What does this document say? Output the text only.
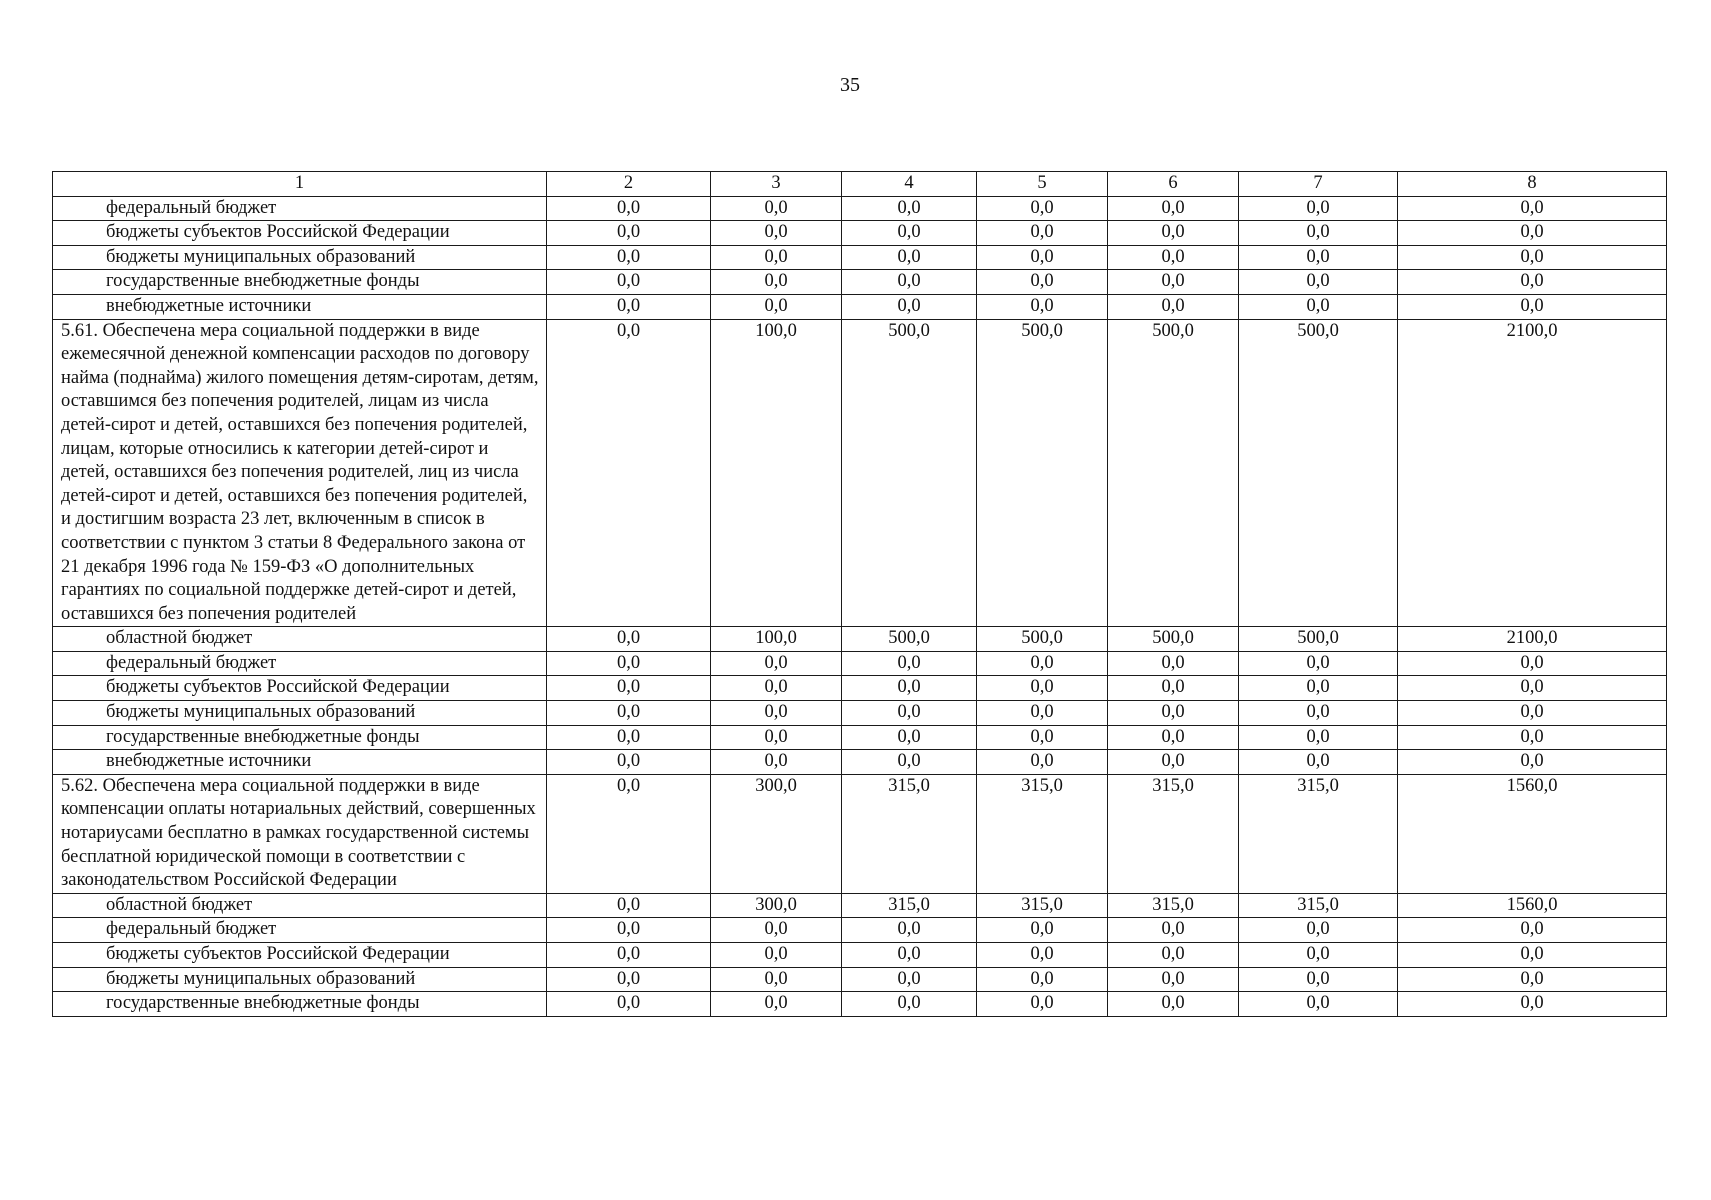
35
1	2	3	4	5	6	7	8
федеральный бюджет	0,0	0,0	0,0	0,0	0,0	0,0	0,0
бюджеты субъектов Российской Федерации	0,0	0,0	0,0	0,0	0,0	0,0	0,0
бюджеты муниципальных образований	0,0	0,0	0,0	0,0	0,0	0,0	0,0
государственные внебюджетные фонды	0,0	0,0	0,0	0,0	0,0	0,0	0,0
внебюджетные источники	0,0	0,0	0,0	0,0	0,0	0,0	0,0
5.61. Обеспечена мера социальной поддержки в виде ежемесячной денежной компенсации расходов по договору найма (поднайма) жилого помещения детям-сиротам, детям, оставшимся без попечения родителей, лицам из числа детей-сирот и детей, оставшихся без попечения родителей, лицам, которые относились к категории детей-сирот и детей, оставшихся без попечения родителей, лиц из числа детей-сирот и детей, оставшихся без попечения родителей, и достигшим возраста 23 лет, включенным в список в соответствии с пунктом 3 статьи 8 Федерального закона от 21 декабря 1996 года № 159-ФЗ «О дополнительных гарантиях по социальной поддержке детей-сирот и детей, оставшихся без попечения родителей	0,0	100,0	500,0	500,0	500,0	500,0	2100,0
областной бюджет	0,0	100,0	500,0	500,0	500,0	500,0	2100,0
федеральный бюджет	0,0	0,0	0,0	0,0	0,0	0,0	0,0
бюджеты субъектов Российской Федерации	0,0	0,0	0,0	0,0	0,0	0,0	0,0
бюджеты муниципальных образований	0,0	0,0	0,0	0,0	0,0	0,0	0,0
государственные внебюджетные фонды	0,0	0,0	0,0	0,0	0,0	0,0	0,0
внебюджетные источники	0,0	0,0	0,0	0,0	0,0	0,0	0,0
5.62. Обеспечена мера социальной поддержки в виде компенсации оплаты нотариальных действий, совершенных нотариусами бесплатно в рамках государственной системы бесплатной юридической помощи в соответствии с законодательством Российской Федерации	0,0	300,0	315,0	315,0	315,0	315,0	1560,0
областной бюджет	0,0	300,0	315,0	315,0	315,0	315,0	1560,0
федеральный бюджет	0,0	0,0	0,0	0,0	0,0	0,0	0,0
бюджеты субъектов Российской Федерации	0,0	0,0	0,0	0,0	0,0	0,0	0,0
бюджеты муниципальных образований	0,0	0,0	0,0	0,0	0,0	0,0	0,0
государственные внебюджетные фонды	0,0	0,0	0,0	0,0	0,0	0,0	0,0
